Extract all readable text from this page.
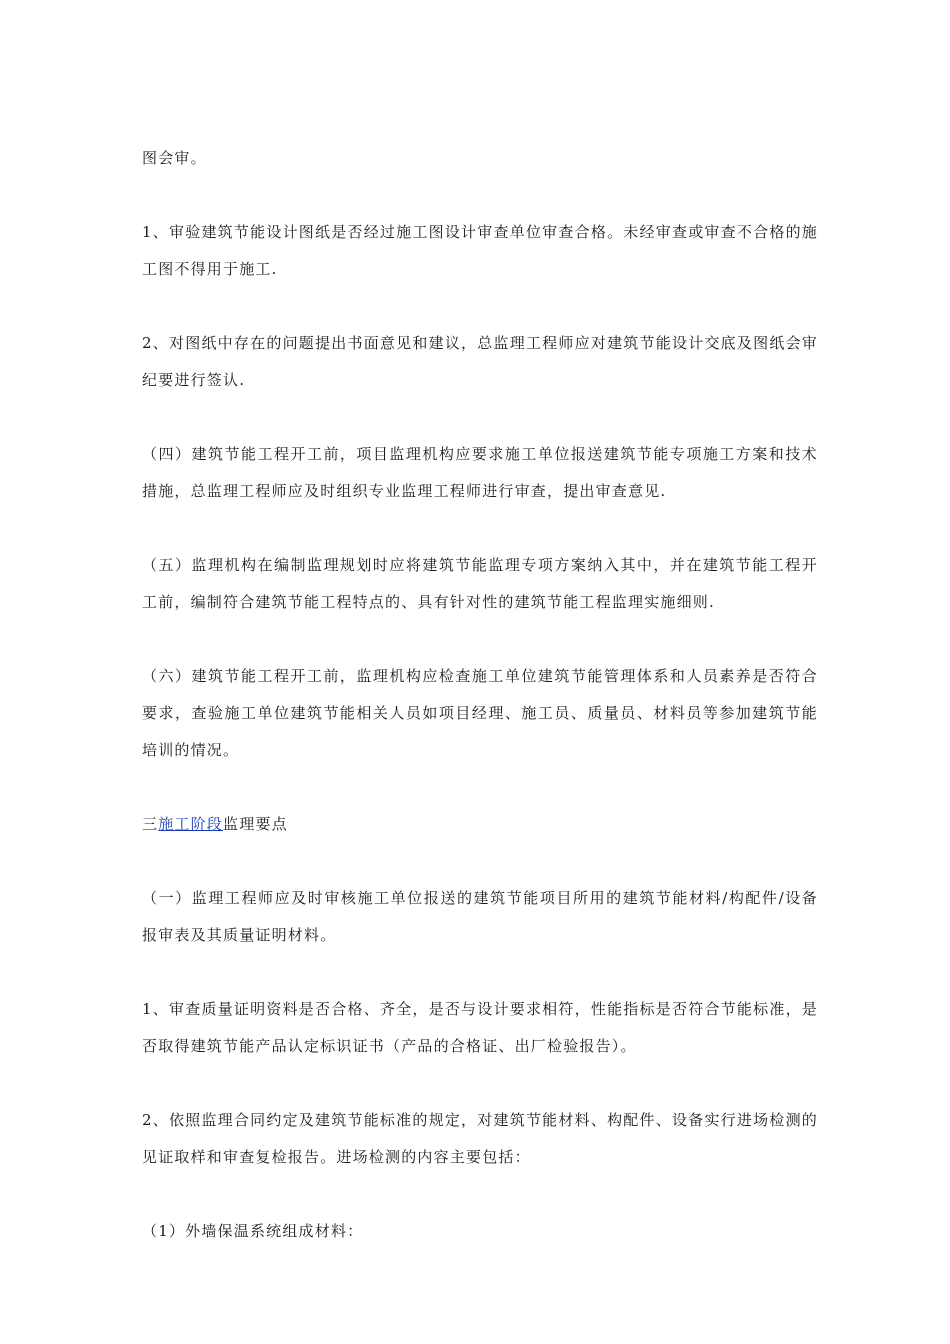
图会审。

1、审验建筑节能设计图纸是否经过施工图设计审查单位审查合格。未经审查或审查不合格的施工图不得用于施工.

2、对图纸中存在的问题提出书面意见和建议，总监理工程师应对建筑节能设计交底及图纸会审纪要进行签认.

（四）建筑节能工程开工前，项目监理机构应要求施工单位报送建筑节能专项施工方案和技术措施，总监理工程师应及时组织专业监理工程师进行审查，提出审查意见.

（五）监理机构在编制监理规划时应将建筑节能监理专项方案纳入其中，并在建筑节能工程开工前，编制符合建筑节能工程特点的、具有针对性的建筑节能工程监理实施细则.

（六）建筑节能工程开工前，监理机构应检查施工单位建筑节能管理体系和人员素养是否符合要求，查验施工单位建筑节能相关人员如项目经理、施工员、质量员、材料员等参加建筑节能培训的情况。

三施工阶段监理要点

（一）监理工程师应及时审核施工单位报送的建筑节能项目所用的建筑节能材料/构配件/设备报审表及其质量证明材料。

1、审查质量证明资料是否合格、齐全，是否与设计要求相符，性能指标是否符合节能标准，是否取得建筑节能产品认定标识证书（产品的合格证、出厂检验报告）。

2、依照监理合同约定及建筑节能标准的规定，对建筑节能材料、构配件、设备实行进场检测的见证取样和审查复检报告。进场检测的内容主要包括：

（1）外墙保温系统组成材料：
